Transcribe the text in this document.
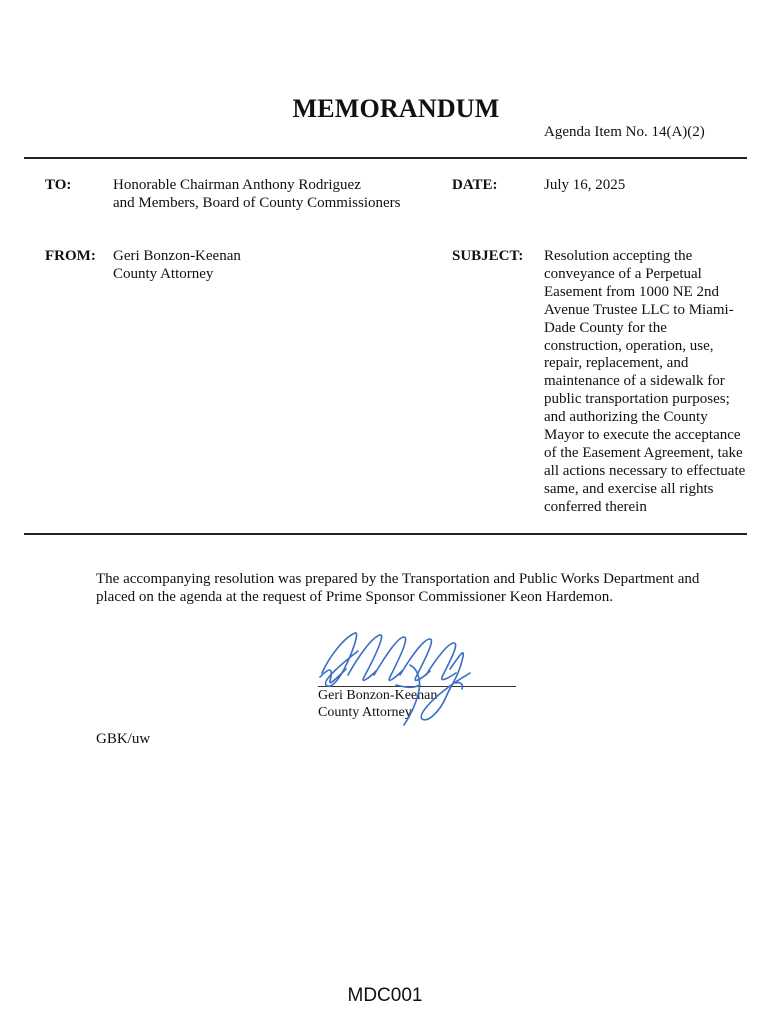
MEMORANDUM
Agenda Item No. 14(A)(2)
TO:	Honorable Chairman Anthony Rodriguez
and Members, Board of County Commissioners
DATE:	July 16, 2025
FROM: Geri Bonzon-Keenan
County Attorney
SUBJECT: Resolution accepting the
conveyance of a Perpetual
Easement from 1000 NE 2nd
Avenue Trustee LLC to Miami-
Dade County for the
construction, operation, use,
repair, replacement, and
maintenance of a sidewalk for
public transportation purposes;
and authorizing the County
Mayor to execute the acceptance
of the Easement Agreement, take
all actions necessary to effectuate
same, and exercise all rights
conferred therein
The accompanying resolution was prepared by the Transportation and Public Works Department and
placed on the agenda at the request of Prime Sponsor Commissioner Keon Hardemon.
Geri Bonzon-Keenan
County Attorney
GBK/uw
MDC001
